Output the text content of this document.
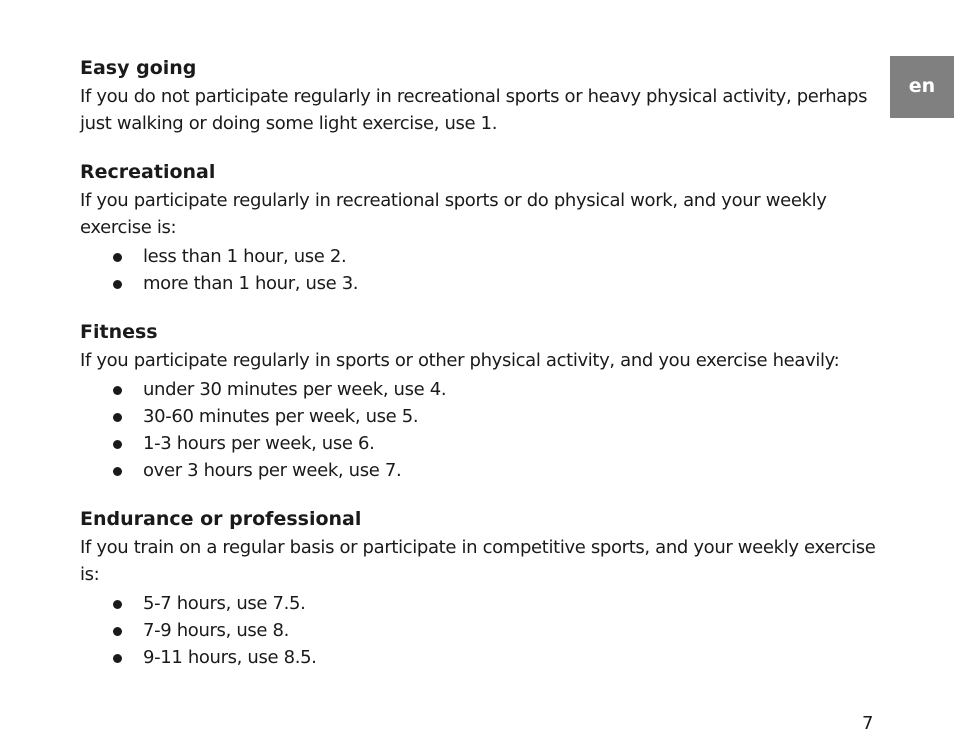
en
Easy going

If you do not participate regularly in recreational sports or heavy physical activity, perhaps just walking or doing some light exercise, use 1.

Recreational

If you participate regularly in recreational sports or do physical work, and your weekly exercise is:

less than 1 hour, use 2.
more than 1 hour, use 3.
Fitness

If you participate regularly in sports or other physical activity, and you exercise heavily:

under 30 minutes per week, use 4.
30-60 minutes per week, use 5.
1-3 hours per week, use 6.
over 3 hours per week, use 7.
Endurance or professional

If you train on a regular basis or participate in competitive sports, and your weekly exercise is:

5-7 hours, use 7.5.
7-9 hours, use 8.
9-11 hours, use 8.5.
7
